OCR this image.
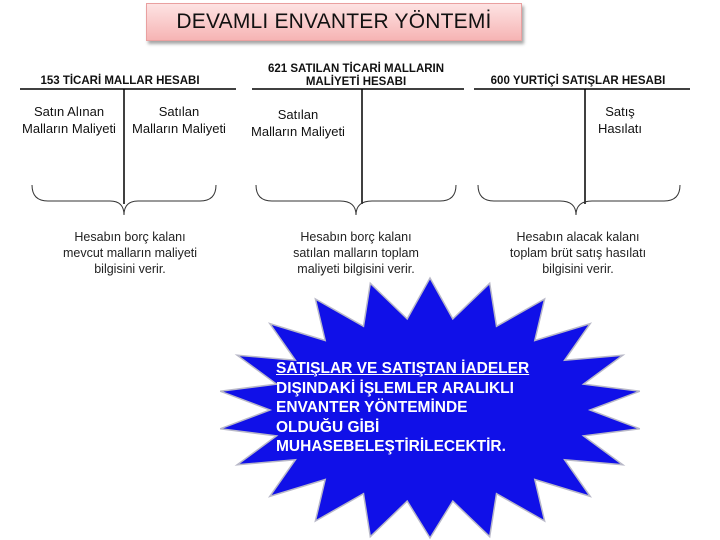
DEVAMLI ENVANTER YÖNTEMİ
153 TİCARİ MALLAR HESABI
621 SATILAN TİCARİ MALLARIN
MALİYETİ HESABI	600 YURTİÇİ SATIŞLAR HESABI
Satın Alınan
Malların Maliyeti
Satılan
Malların Maliyeti
Satılan
Malların Maliyeti
Satış
Hasılatı
Hesabın borç kalanı
mevcut malların maliyeti
bilgisini verir.
Hesabın borç kalanı
satılan malların toplam
maliyeti bilgisini verir.
Hesabın alacak kalanı
toplam brüt satış hasılatı
bilgisini verir.
SATIŞLAR VE SATIŞTAN İADELER
DIŞINDAKİ İŞLEMLER ARALIKLI
ENVANTER YÖNTEMİNDE
OLDUĞU GİBİ
MUHASEBELEŞTİRİLECEKTİR.
